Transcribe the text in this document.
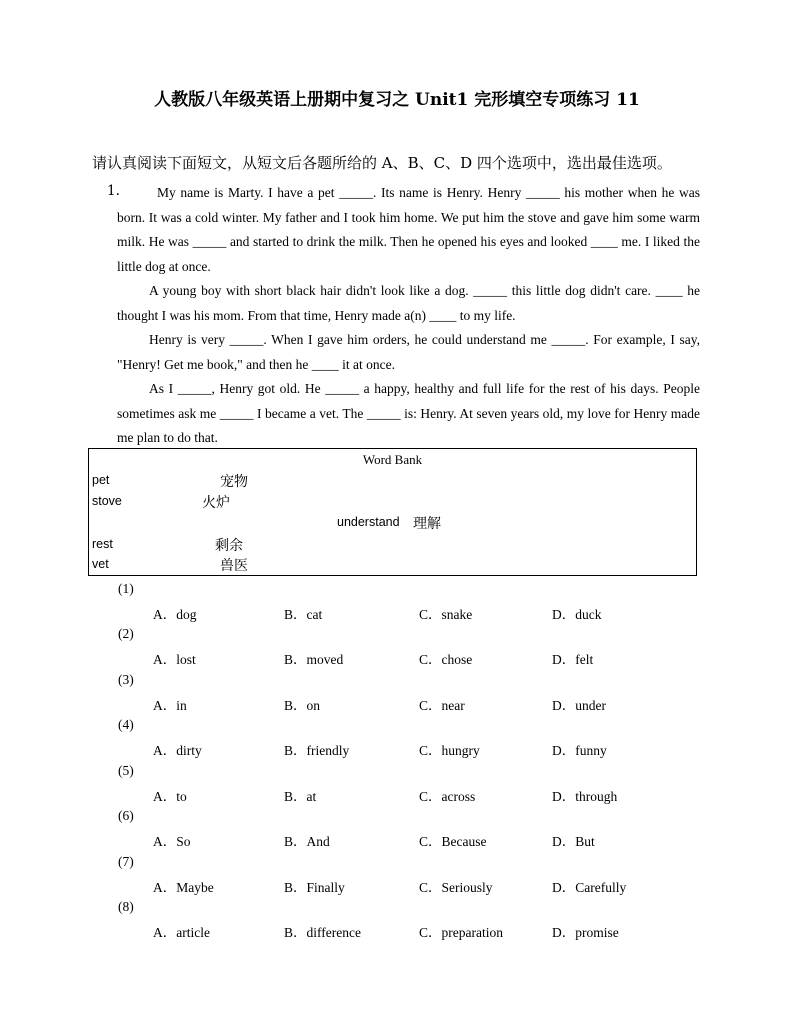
人教版八年级英语上册期中复习之 Unit1 完形填空专项练习 11
请认真阅读下面短文，从短文后各题所给的 A、B、C、D 四个选项中，选出最佳选项。
1.	My name is Marty. I have a pet _____. Its name is Henry. Henry _____ his mother when he was born. It was a cold winter. My father and I took him home. We put him the stove and gave him some warm milk. He was _____ and started to drink the milk. Then he opened his eyes and looked ____ me. I liked the little dog at once.
A young boy with short black hair didn't look like a dog. _____ this little dog didn't care. ____ he thought I was his mom. From that time, Henry made a(n) ____ to my life.
Henry is very _____. When I gave him orders, he could understand me _____. For example, I say, "Henry! Get me book," and then he ____ it at once.
As I _____, Henry got old. He _____ a happy, healthy and full life for the rest of his days. People sometimes ask me _____ I became a vet. The _____ is: Henry. At seven years old, my love for Henry made me plan to do that.
Word Bank
pet	宠物
stove	火炉
understand 理解
rest	剩余
vet	兽医
(1)
A．dog	B．cat	C．snake	D．duck
(2)
A．lost	B．moved	C．chose	D．felt
(3)
A．in	B．on	C．near	D．under
(4)
A．dirty	B．friendly	C．hungry	D．funny
(5)
A．to	B．at	C．across	D．through
(6)
A．So	B．And	C．Because	D．But
(7)
A．Maybe	B．Finally	C．Seriously	D．Carefully
(8)
A．article	B．difference	C．preparation	D．promise
